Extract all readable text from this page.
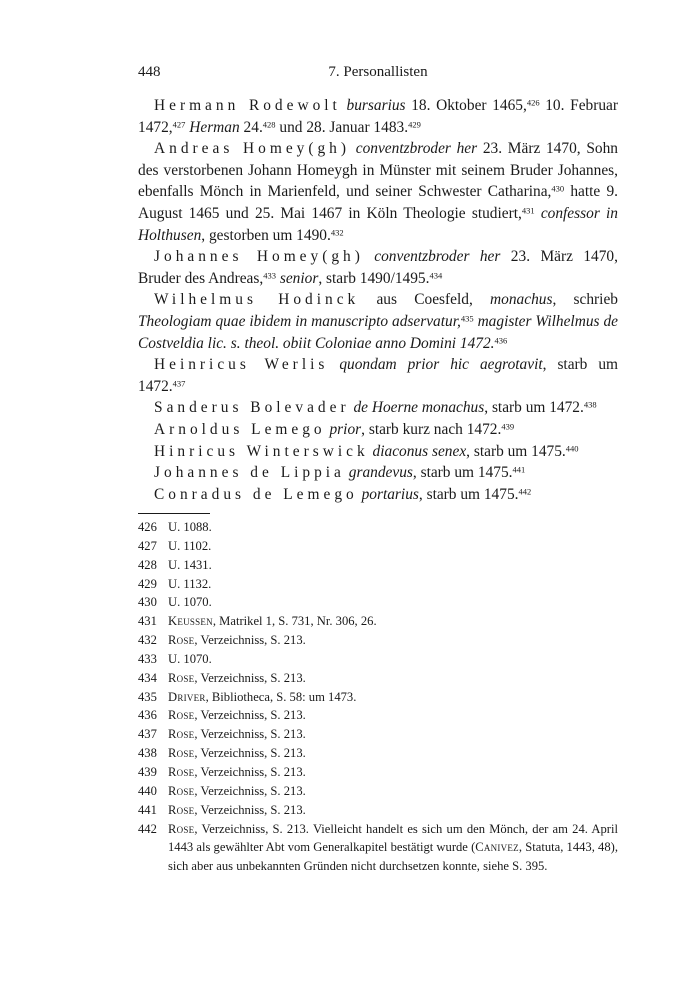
448	7. Personallisten

Hermann Rodewolt bursarius 18. Oktober 1465,$^{426}$ 10. Februar 1472,$^{427}$ Herman 24.$^{428}$ und 28. Januar 1483.$^{429}$

Andreas Homey(gh) conventzbroder her 23. März 1470, Sohn des verstorbenen Johann Homeygh in Münster mit seinem Bruder Johannes, ebenfalls Mönch in Marienfeld, und seiner Schwester Catharina,$^{430}$ hatte 9. August 1465 und 25. Mai 1467 in Köln Theologie studiert,$^{431}$ confessor in Holthusen, gestorben um 1490.$^{432}$

Johannes Homey(gh) conventzbroder her 23. März 1470, Bruder des Andreas,$^{433}$ senior, starb 1490/1495.$^{434}$

Wilhelmus Hodinck aus Coesfeld, monachus, schrieb Theologiam quae ibidem in manuscripto adservatur,$^{435}$ magister Wilhelmus de Costveldia lic. s. theol. obiit Coloniae anno Domini 1472.$^{436}$

Heinricus Werlis quondam prior hic aegrotavit, starb um 1472.$^{437}$

Sanderus Bolevader de Hoerne monachus, starb um 1472.$^{438}$

Arnoldus Lemego prior, starb kurz nach 1472.$^{439}$

Hinricus Winterswick diaconus senex, starb um 1475.$^{440}$

Johannes de Lippia grandevus, starb um 1475.$^{441}$

Conradus de Lemego portarius, starb um 1475.$^{442}$

426 U. 1088.
427 U. 1102.
428 U. 1431.
429 U. 1132.
430 U. 1070.
431 Keussen, Matrikel 1, S. 731, Nr. 306, 26.
432 Rose, Verzeichniss, S. 213.
433 U. 1070.
434 Rose, Verzeichniss, S. 213.
435 Driver, Bibliotheca, S. 58: um 1473.
436 Rose, Verzeichniss, S. 213.
437 Rose, Verzeichniss, S. 213.
438 Rose, Verzeichniss, S. 213.
439 Rose, Verzeichniss, S. 213.
440 Rose, Verzeichniss, S. 213.
441 Rose, Verzeichniss, S. 213.
442 Rose, Verzeichniss, S. 213. Vielleicht handelt es sich um den Mönch, der am 24. April 1443 als gewählter Abt vom Generalkapitel bestätigt wurde (Canivez, Statuta, 1443, 48), sich aber aus unbekannten Gründen nicht durchsetzen konnte, siehe S. 395.
